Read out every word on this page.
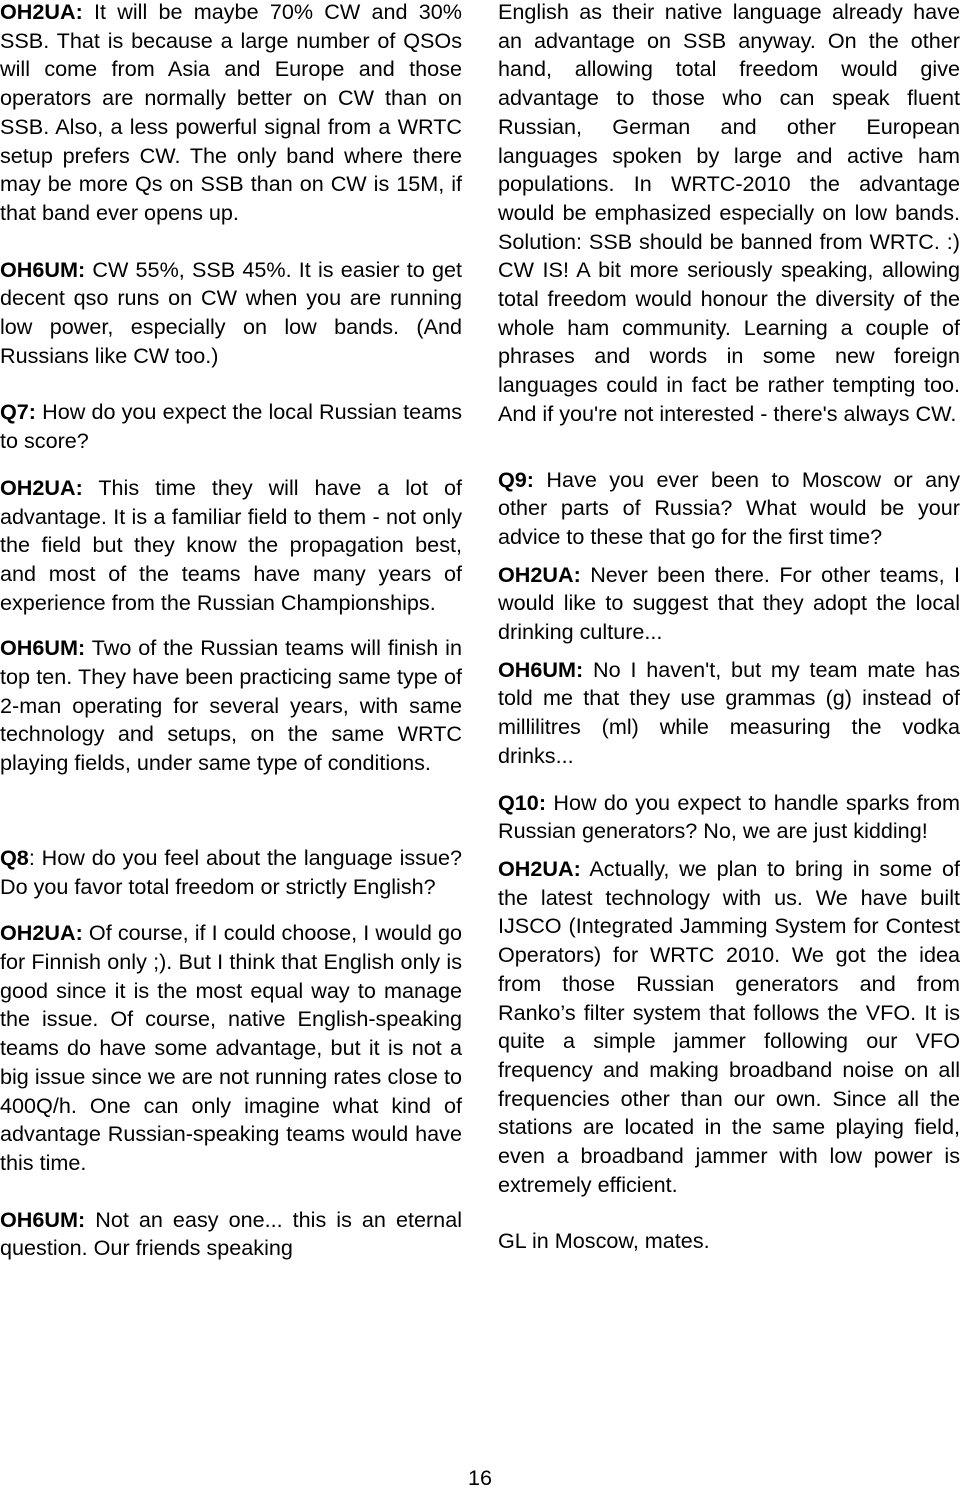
OH2UA: It will be maybe 70% CW and 30% SSB. That is because a large number of QSOs will come from Asia and Europe and those operators are normally better on CW than on SSB. Also, a less powerful signal from a WRTC setup prefers CW. The only band where there may be more Qs on SSB than on CW is 15M, if that band ever opens up.

OH6UM: CW 55%, SSB 45%. It is easier to get decent qso runs on CW when you are running low power, especially on low bands. (And Russians like CW too.)

Q7: How do you expect the local Russian teams to score?

OH2UA: This time they will have a lot of advantage. It is a familiar field to them - not only the field but they know the propagation best, and most of the teams have many years of experience from the Russian Championships.

OH6UM: Two of the Russian teams will finish in top ten. They have been practicing same type of 2-man operating for several years, with same technology and setups, on the same WRTC playing fields, under same type of conditions.

Q8: How do you feel about the language issue? Do you favor total freedom or strictly English?

OH2UA: Of course, if I could choose, I would go for Finnish only ;). But I think that English only is good since it is the most equal way to manage the issue. Of course, native English-speaking teams do have some advantage, but it is not a big issue since we are not running rates close to 400Q/h. One can only imagine what kind of advantage Russian-speaking teams would have this time.

OH6UM: Not an easy one... this is an eternal question. Our friends speaking

English as their native language already have an advantage on SSB anyway. On the other hand, allowing total freedom would give advantage to those who can speak fluent Russian, German and other European languages spoken by large and active ham populations. In WRTC-2010 the advantage would be emphasized especially on low bands. Solution: SSB should be banned from WRTC. :) CW IS! A bit more seriously speaking, allowing total freedom would honour the diversity of the whole ham community. Learning a couple of phrases and words in some new foreign languages could in fact be rather tempting too. And if you're not interested - there's always CW.

Q9: Have you ever been to Moscow or any other parts of Russia? What would be your advice to these that go for the first time?

OH2UA: Never been there. For other teams, I would like to suggest that they adopt the local drinking culture...

OH6UM: No I haven't, but my team mate has told me that they use grammas (g) instead of millilitres (ml) while measuring the vodka drinks...

Q10: How do you expect to handle sparks from Russian generators? No, we are just kidding!

OH2UA: Actually, we plan to bring in some of the latest technology with us. We have built IJSCO (Integrated Jamming System for Contest Operators) for WRTC 2010. We got the idea from those Russian generators and from Ranko’s filter system that follows the VFO. It is quite a simple jammer following our VFO frequency and making broadband noise on all frequencies other than our own. Since all the stations are located in the same playing field, even a broadband jammer with low power is extremely efficient.

GL in Moscow, mates.

16
